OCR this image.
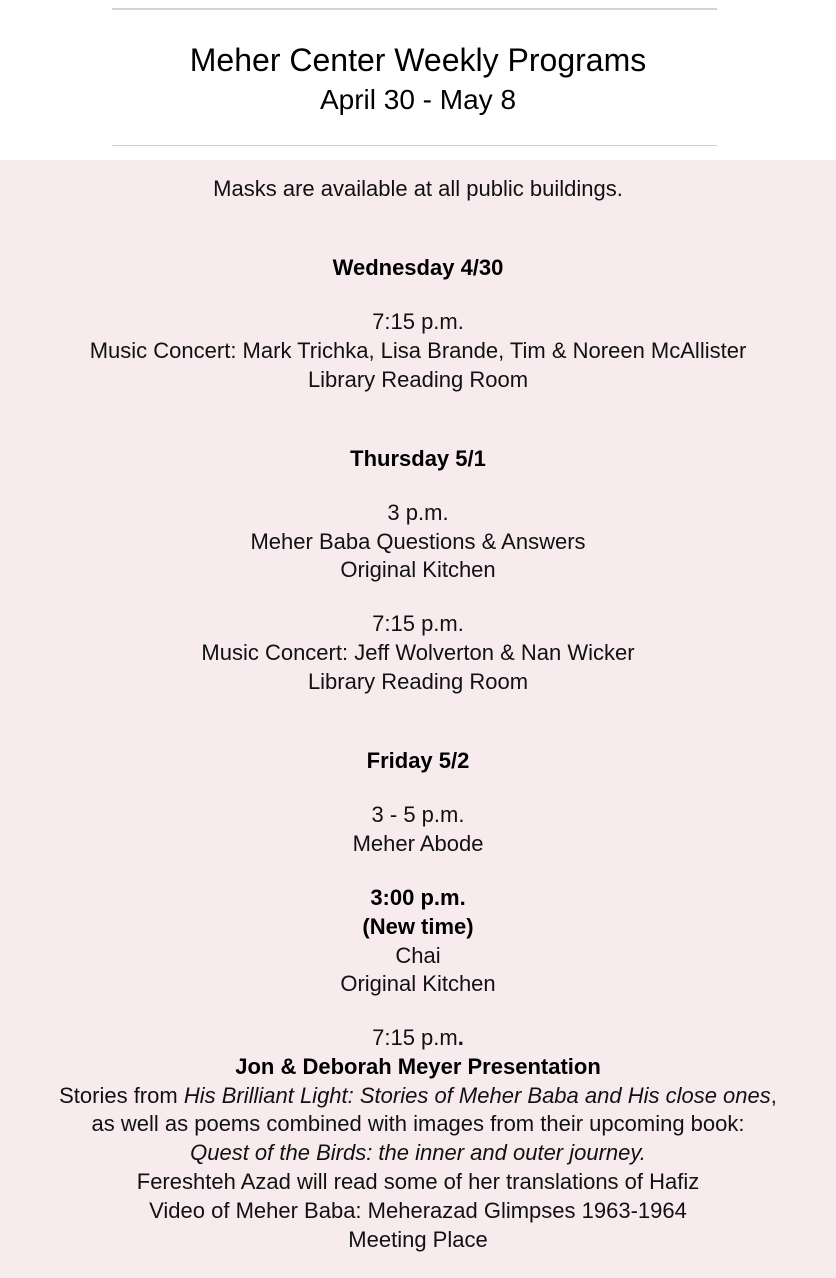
Meher Center Weekly Programs
April 30 - May 8
Masks are available at all public buildings.
Wednesday 4/30
7:15 p.m.
Music Concert: Mark Trichka, Lisa Brande, Tim & Noreen McAllister
Library Reading Room
Thursday 5/1
3 p.m.
Meher Baba Questions & Answers
Original Kitchen
7:15 p.m.
Music Concert: Jeff Wolverton & Nan Wicker
Library Reading Room
Friday 5/2
3 - 5 p.m.
Meher Abode
3:00 p.m.
(New time)
Chai
Original Kitchen
7:15 p.m.
Jon & Deborah Meyer Presentation
Stories from His Brilliant Light: Stories of Meher Baba and His close ones,
as well as poems combined with images from their upcoming book:
Quest of the Birds: the inner and outer journey.
Fereshteh Azad will read some of her translations of Hafiz
Video of Meher Baba: Meherazad Glimpses 1963-1964
Meeting Place
